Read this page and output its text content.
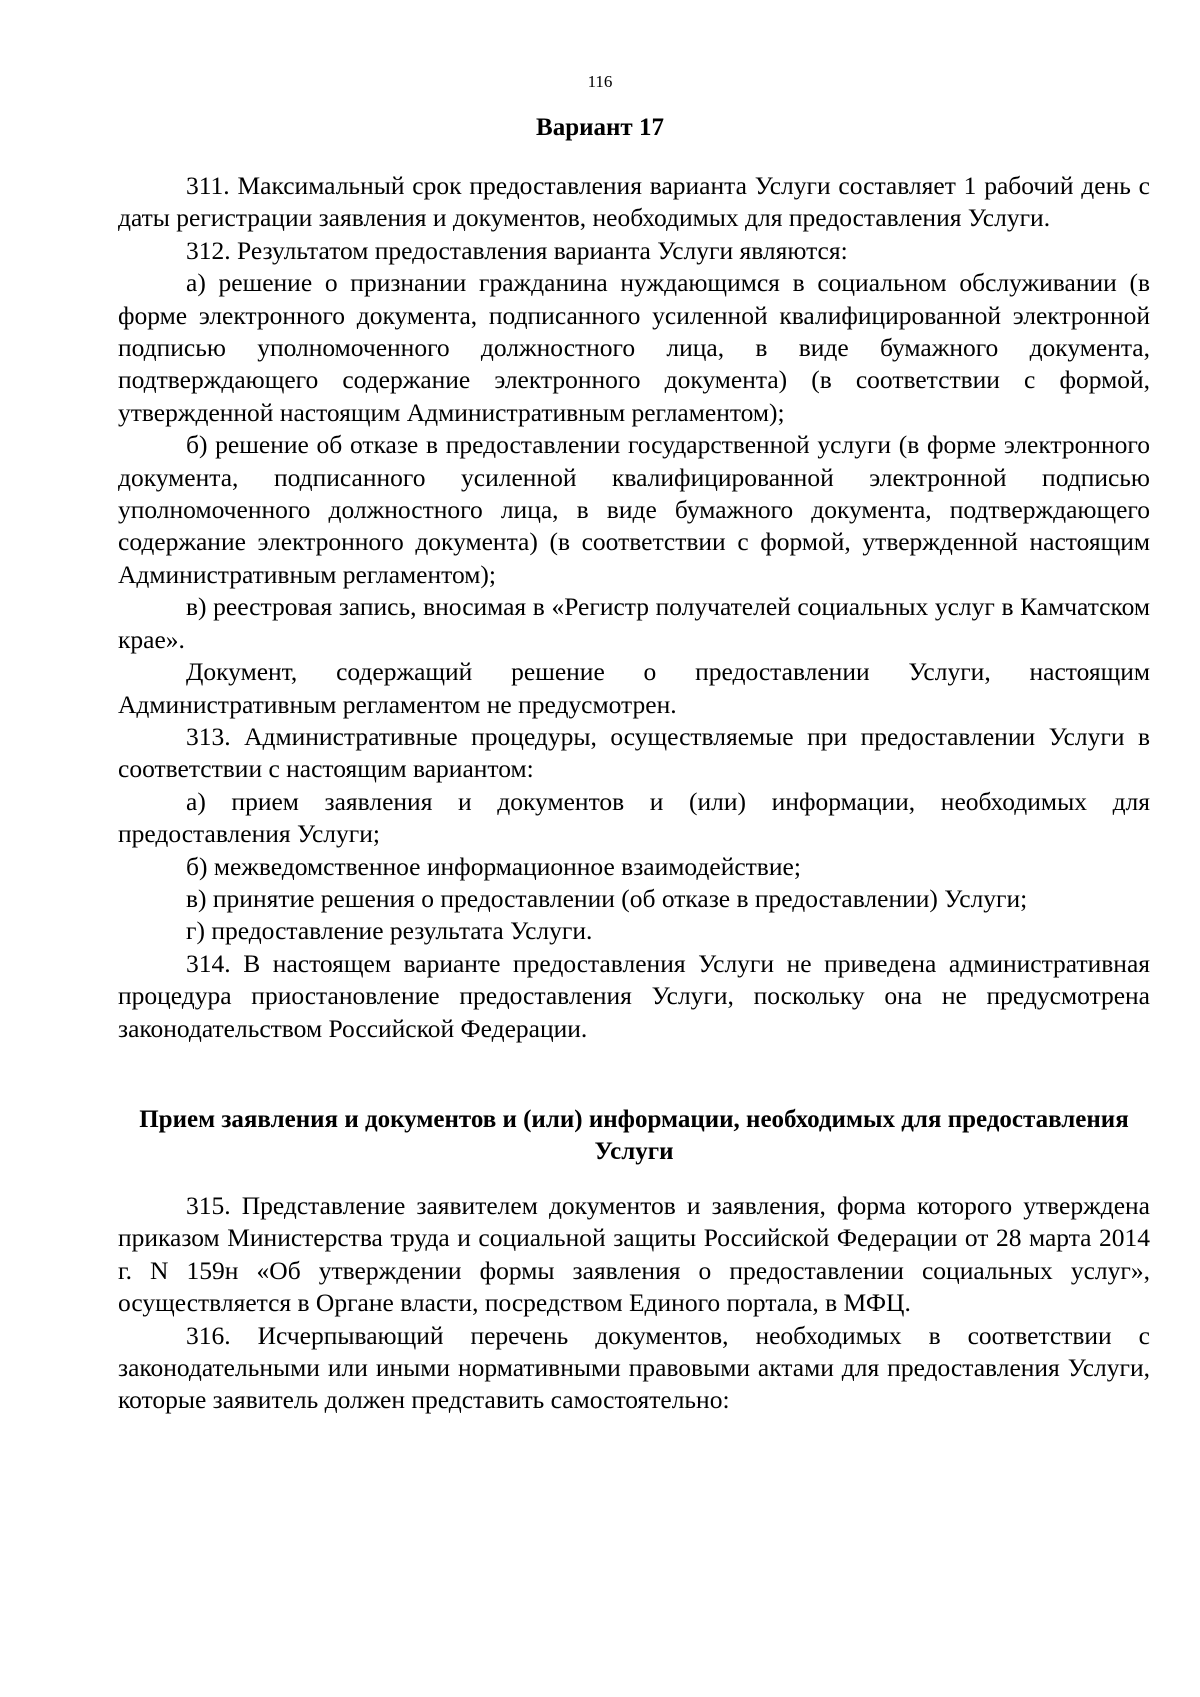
116
Вариант 17

311. Максимальный срок предоставления варианта Услуги составляет 1 рабочий день с даты регистрации заявления и документов, необходимых для предоставления Услуги.

312. Результатом предоставления варианта Услуги являются:

а) решение о признании гражданина нуждающимся в социальном обслуживании (в форме электронного документа, подписанного усиленной квалифицированной электронной подписью уполномоченного должностного лица, в виде бумажного документа, подтверждающего содержание электронного документа) (в соответствии с формой, утвержденной настоящим Административным регламентом);

б) решение об отказе в предоставлении государственной услуги (в форме электронного документа, подписанного усиленной квалифицированной электронной подписью уполномоченного должностного лица, в виде бумажного документа, подтверждающего содержание электронного документа) (в соответствии с формой, утвержденной настоящим Административным регламентом);

в) реестровая запись, вносимая в «Регистр получателей социальных услуг в Камчатском крае».

Документ, содержащий решение о предоставлении Услуги, настоящим Административным регламентом не предусмотрен.

313. Административные процедуры, осуществляемые при предоставлении Услуги в соответствии с настоящим вариантом:

а) прием заявления и документов и (или) информации, необходимых для предоставления Услуги;

б) межведомственное информационное взаимодействие;

в) принятие решения о предоставлении (об отказе в предоставлении) Услуги;

г) предоставление результата Услуги.

314. В настоящем варианте предоставления Услуги не приведена административная процедура приостановление предоставления Услуги, поскольку она не предусмотрена законодательством Российской Федерации.

Прием заявления и документов и (или) информации, необходимых для предоставления Услуги

315. Представление заявителем документов и заявления, форма которого утверждена приказом Министерства труда и социальной защиты Российской Федерации от 28 марта 2014 г. N 159н «Об утверждении формы заявления о предоставлении социальных услуг», осуществляется в Органе власти, посредством Единого портала, в МФЦ.

316. Исчерпывающий перечень документов, необходимых в соответствии с законодательными или иными нормативными правовыми актами для предоставления Услуги, которые заявитель должен представить самостоятельно:
